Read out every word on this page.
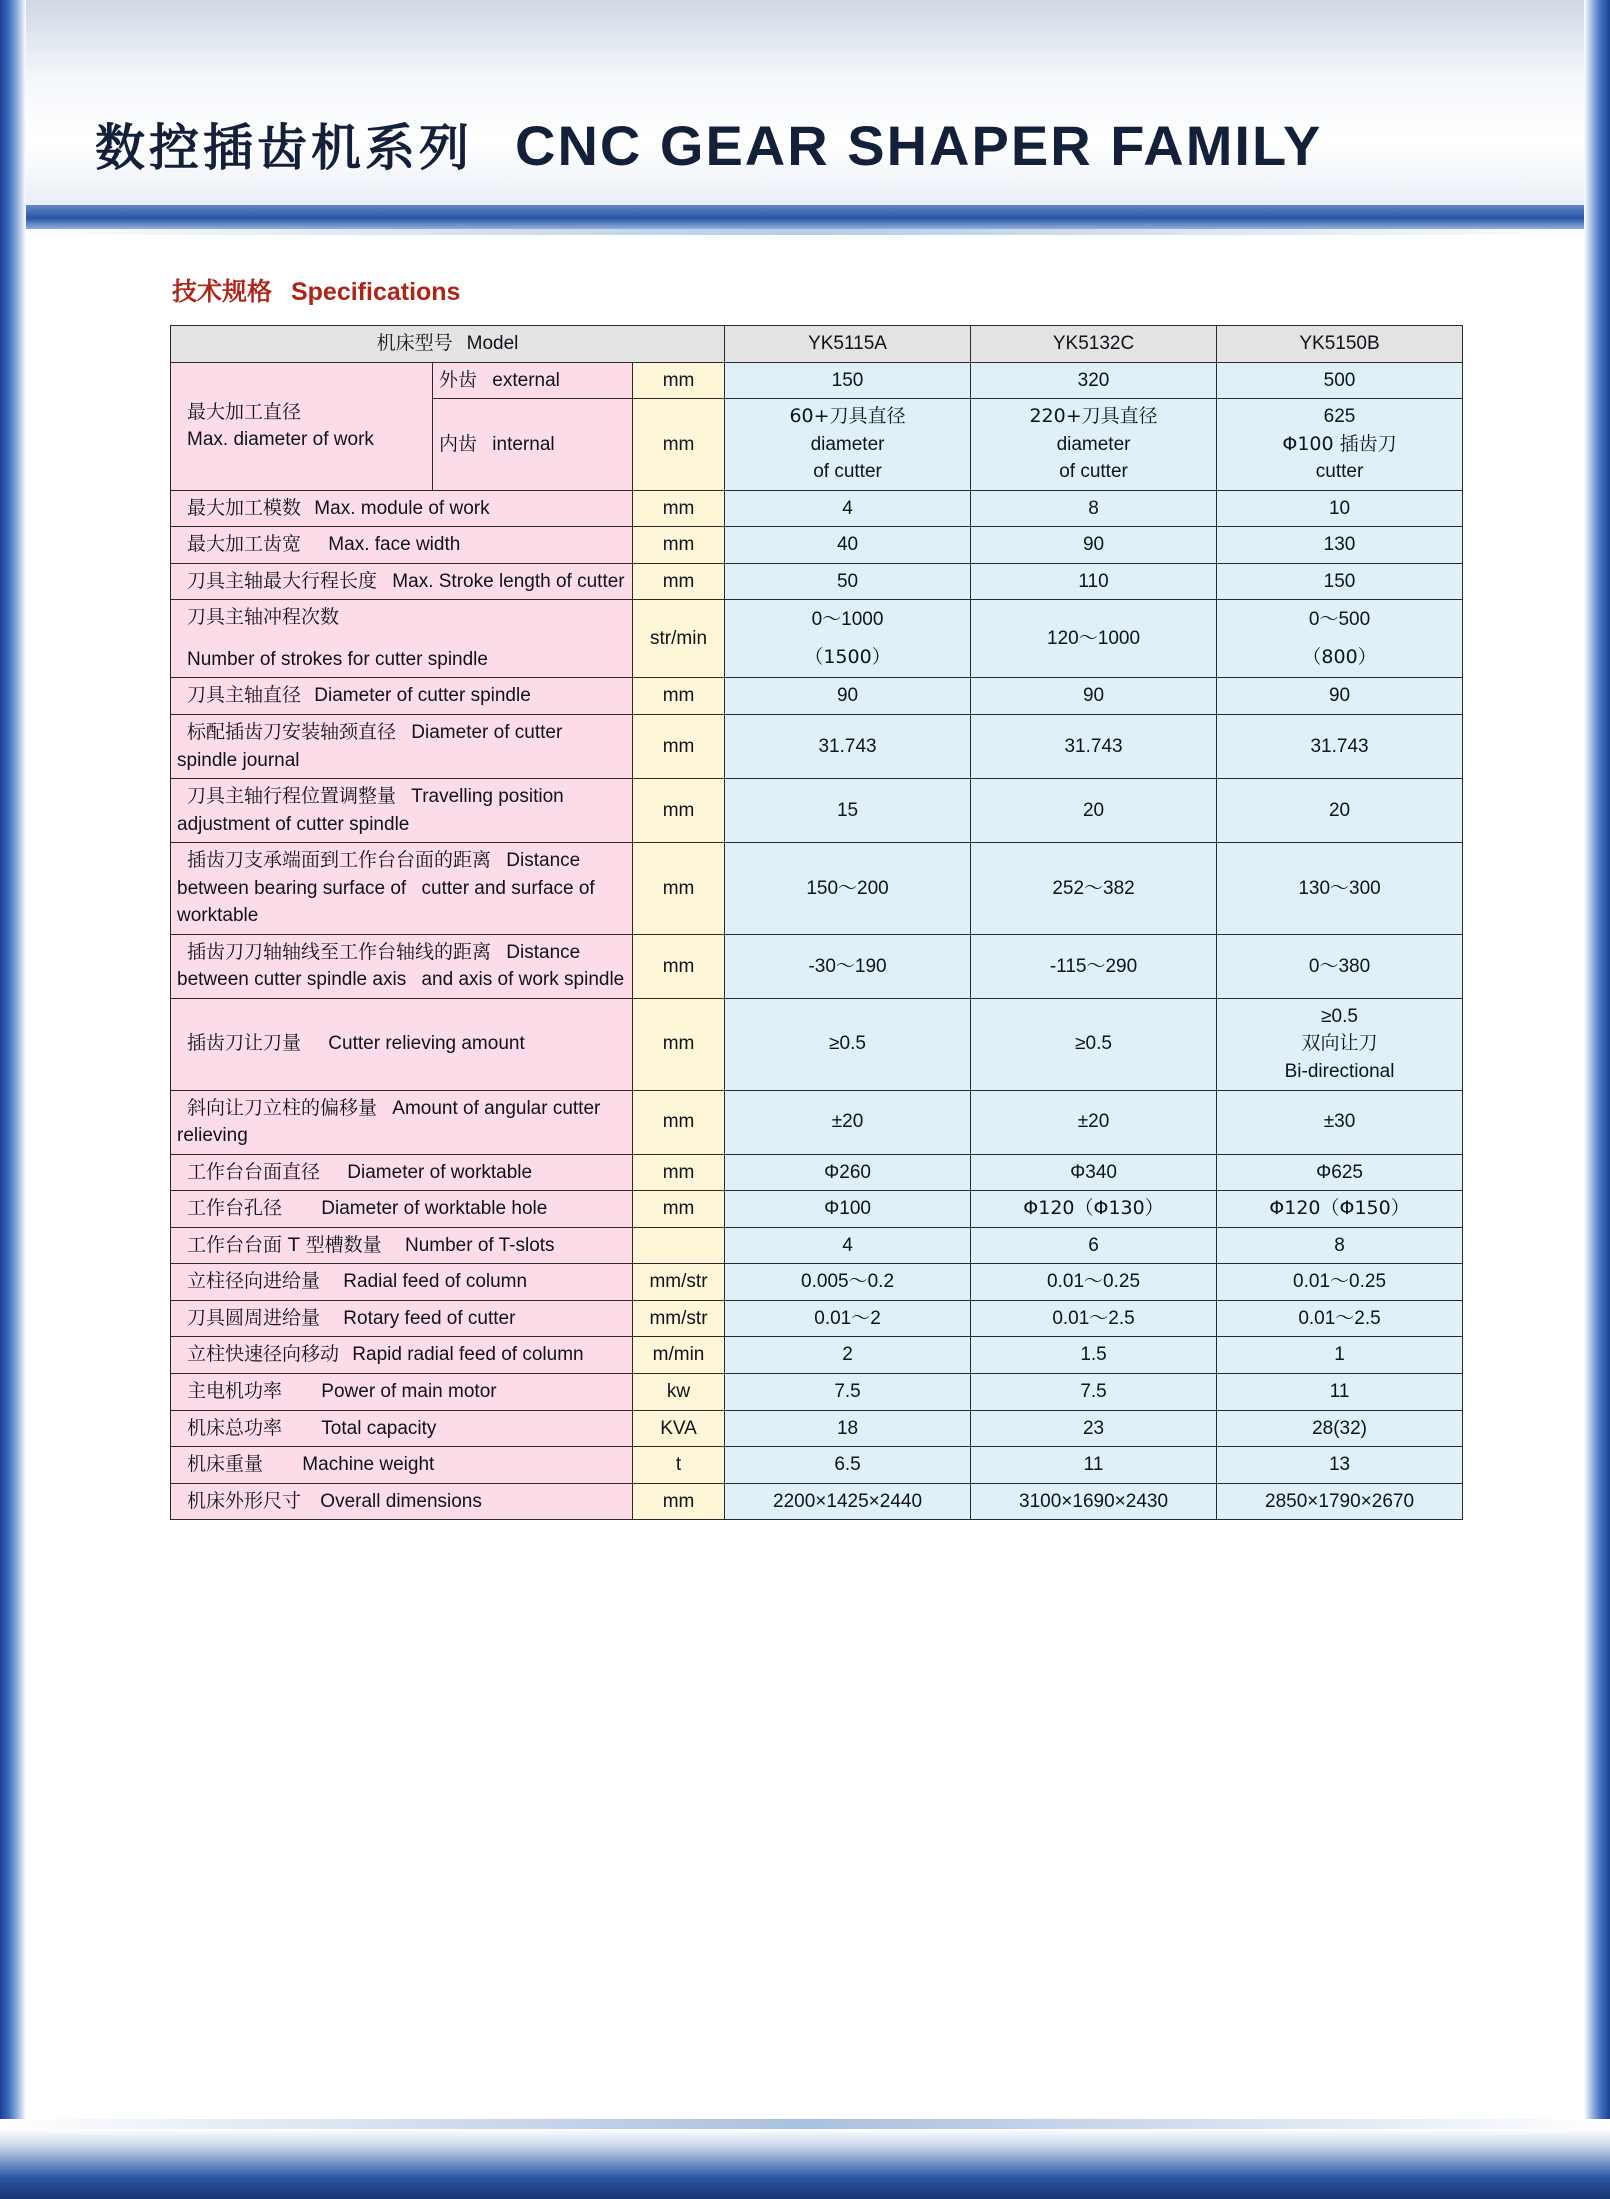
数控插齿机系列 CNC GEAR SHAPER FAMILY
技术规格 Specifications
机床型号 Model			YK5115A	YK5132C	YK5150B

最大加工直径
Max. diameter of work	外齿 external	mm	150	320	500
	内齿 internal	mm	60+刀具直径
diameter
of cutter	220+刀具直径
diameter
of cutter	625
Φ100 插齿刀
cutter

最大加工模数 Max. module of work		mm	4	8	10
最大加工齿宽 Max. face width		mm	40	90	130
刀具主轴最大行程长度 Max. Stroke length of cutter		mm	50	110	150
刀具主轴冲程次数
Number of strokes for cutter spindle		str/min	0～1000
（1500）	120～1000	0～500
（800）

刀具主轴直径 Diameter of cutter spindle		mm	90	90	90
标配插齿刀安装轴颈直径 Diameter of cutter spindle journal		mm	31.743	31.743	31.743
刀具主轴行程位置调整量 Travelling position adjustment of cutter spindle		mm	15	20	20
插齿刀支承端面到工作台台面的距离 Distance between bearing surface of cutter and surface of worktable		mm	150～200	252～382	130～300
插齿刀刀轴轴线至工作台轴线的距离 Distance between cutter spindle axis and axis of work spindle		mm	-30～190	-115～290	0～380
插齿刀让刀量 Cutter relieving amount		mm	≥0.5	≥0.5	≥0.5
双向让刀
Bi-directional

斜向让刀立柱的偏移量 Amount of angular cutter relieving		mm	±20	±20	±30
工作台台面直径 Diameter of worktable		mm	Φ260	Φ340	Φ625
工作台孔径 Diameter of worktable hole		mm	Φ100	Φ120（Φ130）	Φ120（Φ150）
工作台台面 T 型槽数量 Number of T-slots			4	6	8
立柱径向进给量 Radial feed of column		mm/str	0.005～0.2	0.01～0.25	0.01～0.25
刀具圆周进给量 Rotary feed of cutter		mm/str	0.01～2	0.01～2.5	0.01～2.5
立柱快速径向移动 Rapid radial feed of column		m/min	2	1.5	1
主电机功率 Power of main motor		kw	7.5	7.5	11
机床总功率 Total capacity		KVA	18	23	28(32)
机床重量 Machine weight		t	6.5	11	13
机床外形尺寸 Overall dimensions		mm	2200×1425×2440	3100×1690×2430	2850×1790×2670
